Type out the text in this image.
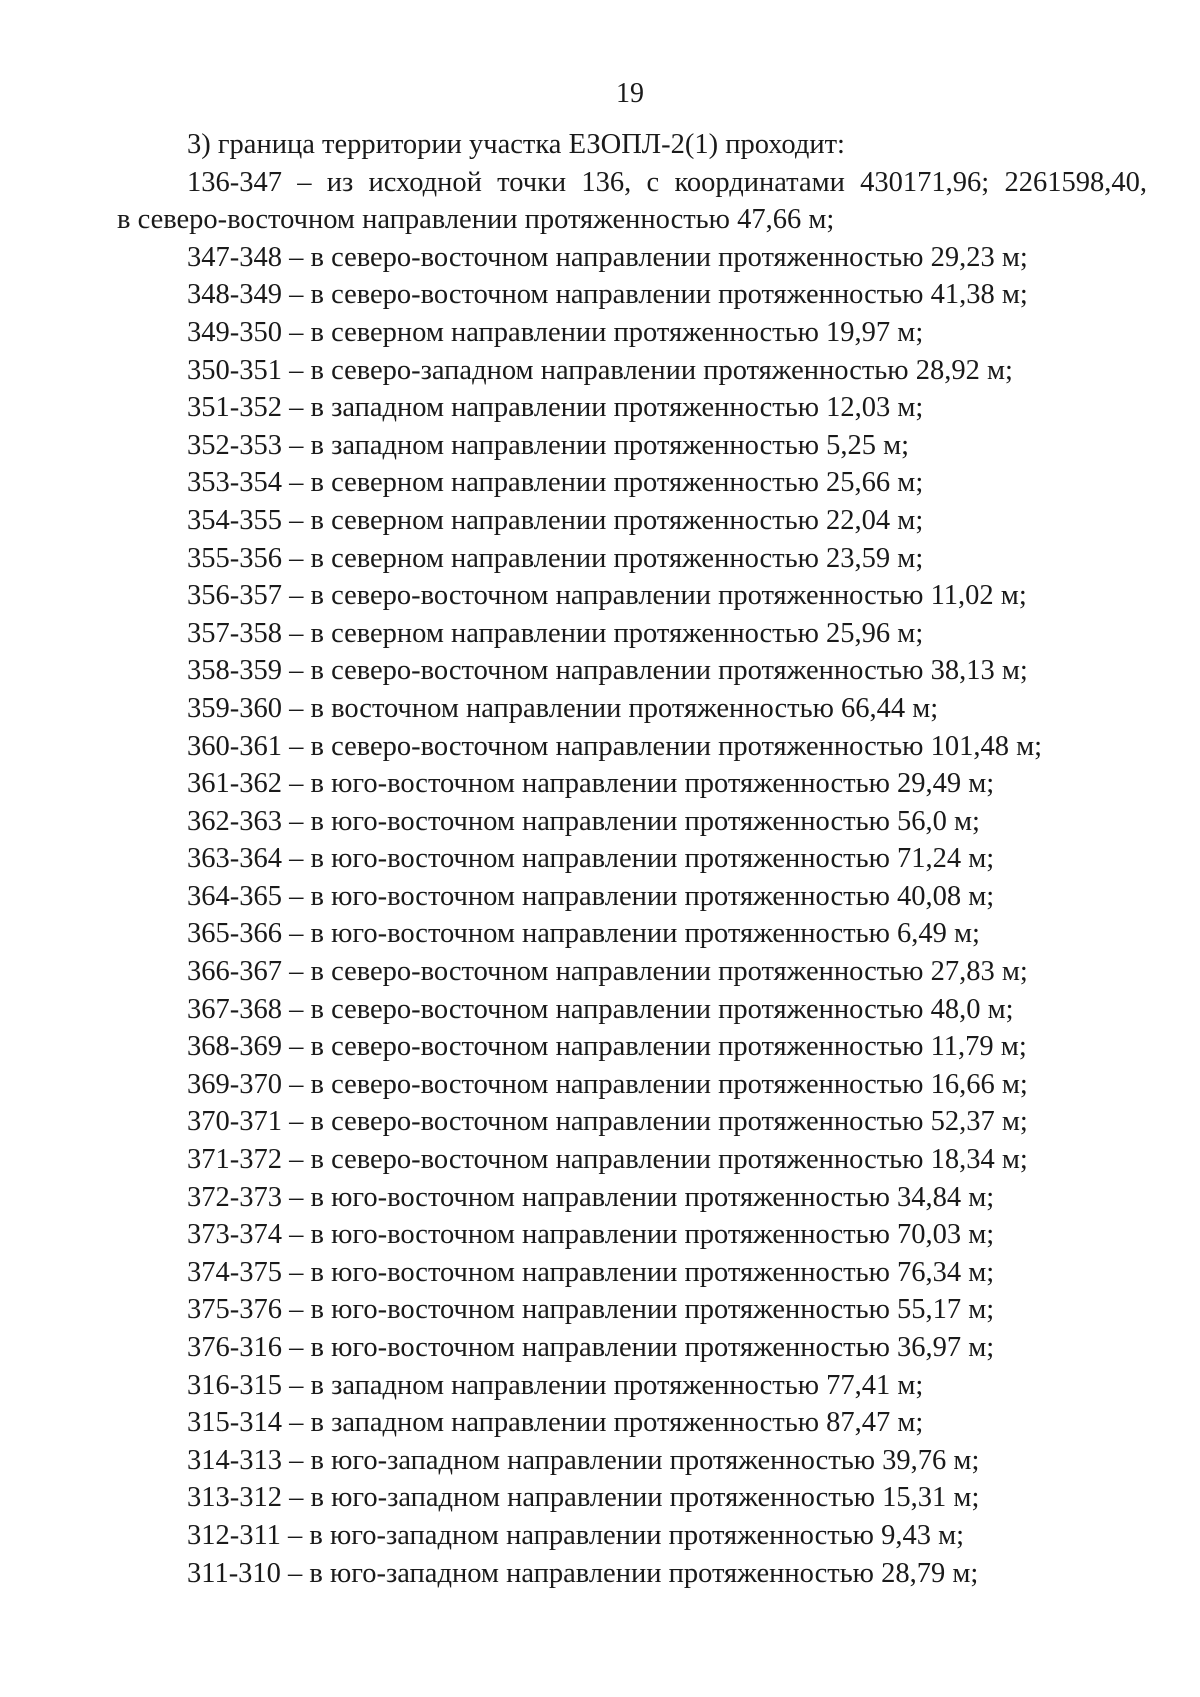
19
3) граница территории участка ЕЗОПЛ-2(1) проходит:
136-347 – из исходной точки 136, с координатами 430171,96; 2261598,40,
в северо-восточном направлении протяженностью 47,66 м;
347-348 – в северо-восточном направлении протяженностью 29,23 м;
348-349 – в северо-восточном направлении протяженностью 41,38 м;
349-350 – в северном направлении протяженностью 19,97 м;
350-351 – в северо-западном направлении протяженностью 28,92 м;
351-352 – в западном направлении протяженностью 12,03 м;
352-353 – в западном направлении протяженностью 5,25 м;
353-354 – в северном направлении протяженностью 25,66 м;
354-355 – в северном направлении протяженностью 22,04 м;
355-356 – в северном направлении протяженностью 23,59 м;
356-357 – в северо-восточном направлении протяженностью 11,02 м;
357-358 – в северном направлении протяженностью 25,96 м;
358-359 – в северо-восточном направлении протяженностью 38,13 м;
359-360 – в восточном направлении протяженностью 66,44 м;
360-361 – в северо-восточном направлении протяженностью 101,48 м;
361-362 – в юго-восточном направлении протяженностью 29,49 м;
362-363 – в юго-восточном направлении протяженностью 56,0 м;
363-364 – в юго-восточном направлении протяженностью 71,24 м;
364-365 – в юго-восточном направлении протяженностью 40,08 м;
365-366 – в юго-восточном направлении протяженностью 6,49 м;
366-367 – в северо-восточном направлении протяженностью 27,83 м;
367-368 – в северо-восточном направлении протяженностью 48,0 м;
368-369 – в северо-восточном направлении протяженностью 11,79 м;
369-370 – в северо-восточном направлении протяженностью 16,66 м;
370-371 – в северо-восточном направлении протяженностью 52,37 м;
371-372 – в северо-восточном направлении протяженностью 18,34 м;
372-373 – в юго-восточном направлении протяженностью 34,84 м;
373-374 – в юго-восточном направлении протяженностью 70,03 м;
374-375 – в юго-восточном направлении протяженностью 76,34 м;
375-376 – в юго-восточном направлении протяженностью 55,17 м;
376-316 – в юго-восточном направлении протяженностью 36,97 м;
316-315 – в западном направлении протяженностью 77,41 м;
315-314 – в западном направлении протяженностью 87,47 м;
314-313 – в юго-западном направлении протяженностью 39,76 м;
313-312 – в юго-западном направлении протяженностью 15,31 м;
312-311 – в юго-западном направлении протяженностью 9,43 м;
311-310 – в юго-западном направлении протяженностью 28,79 м;
